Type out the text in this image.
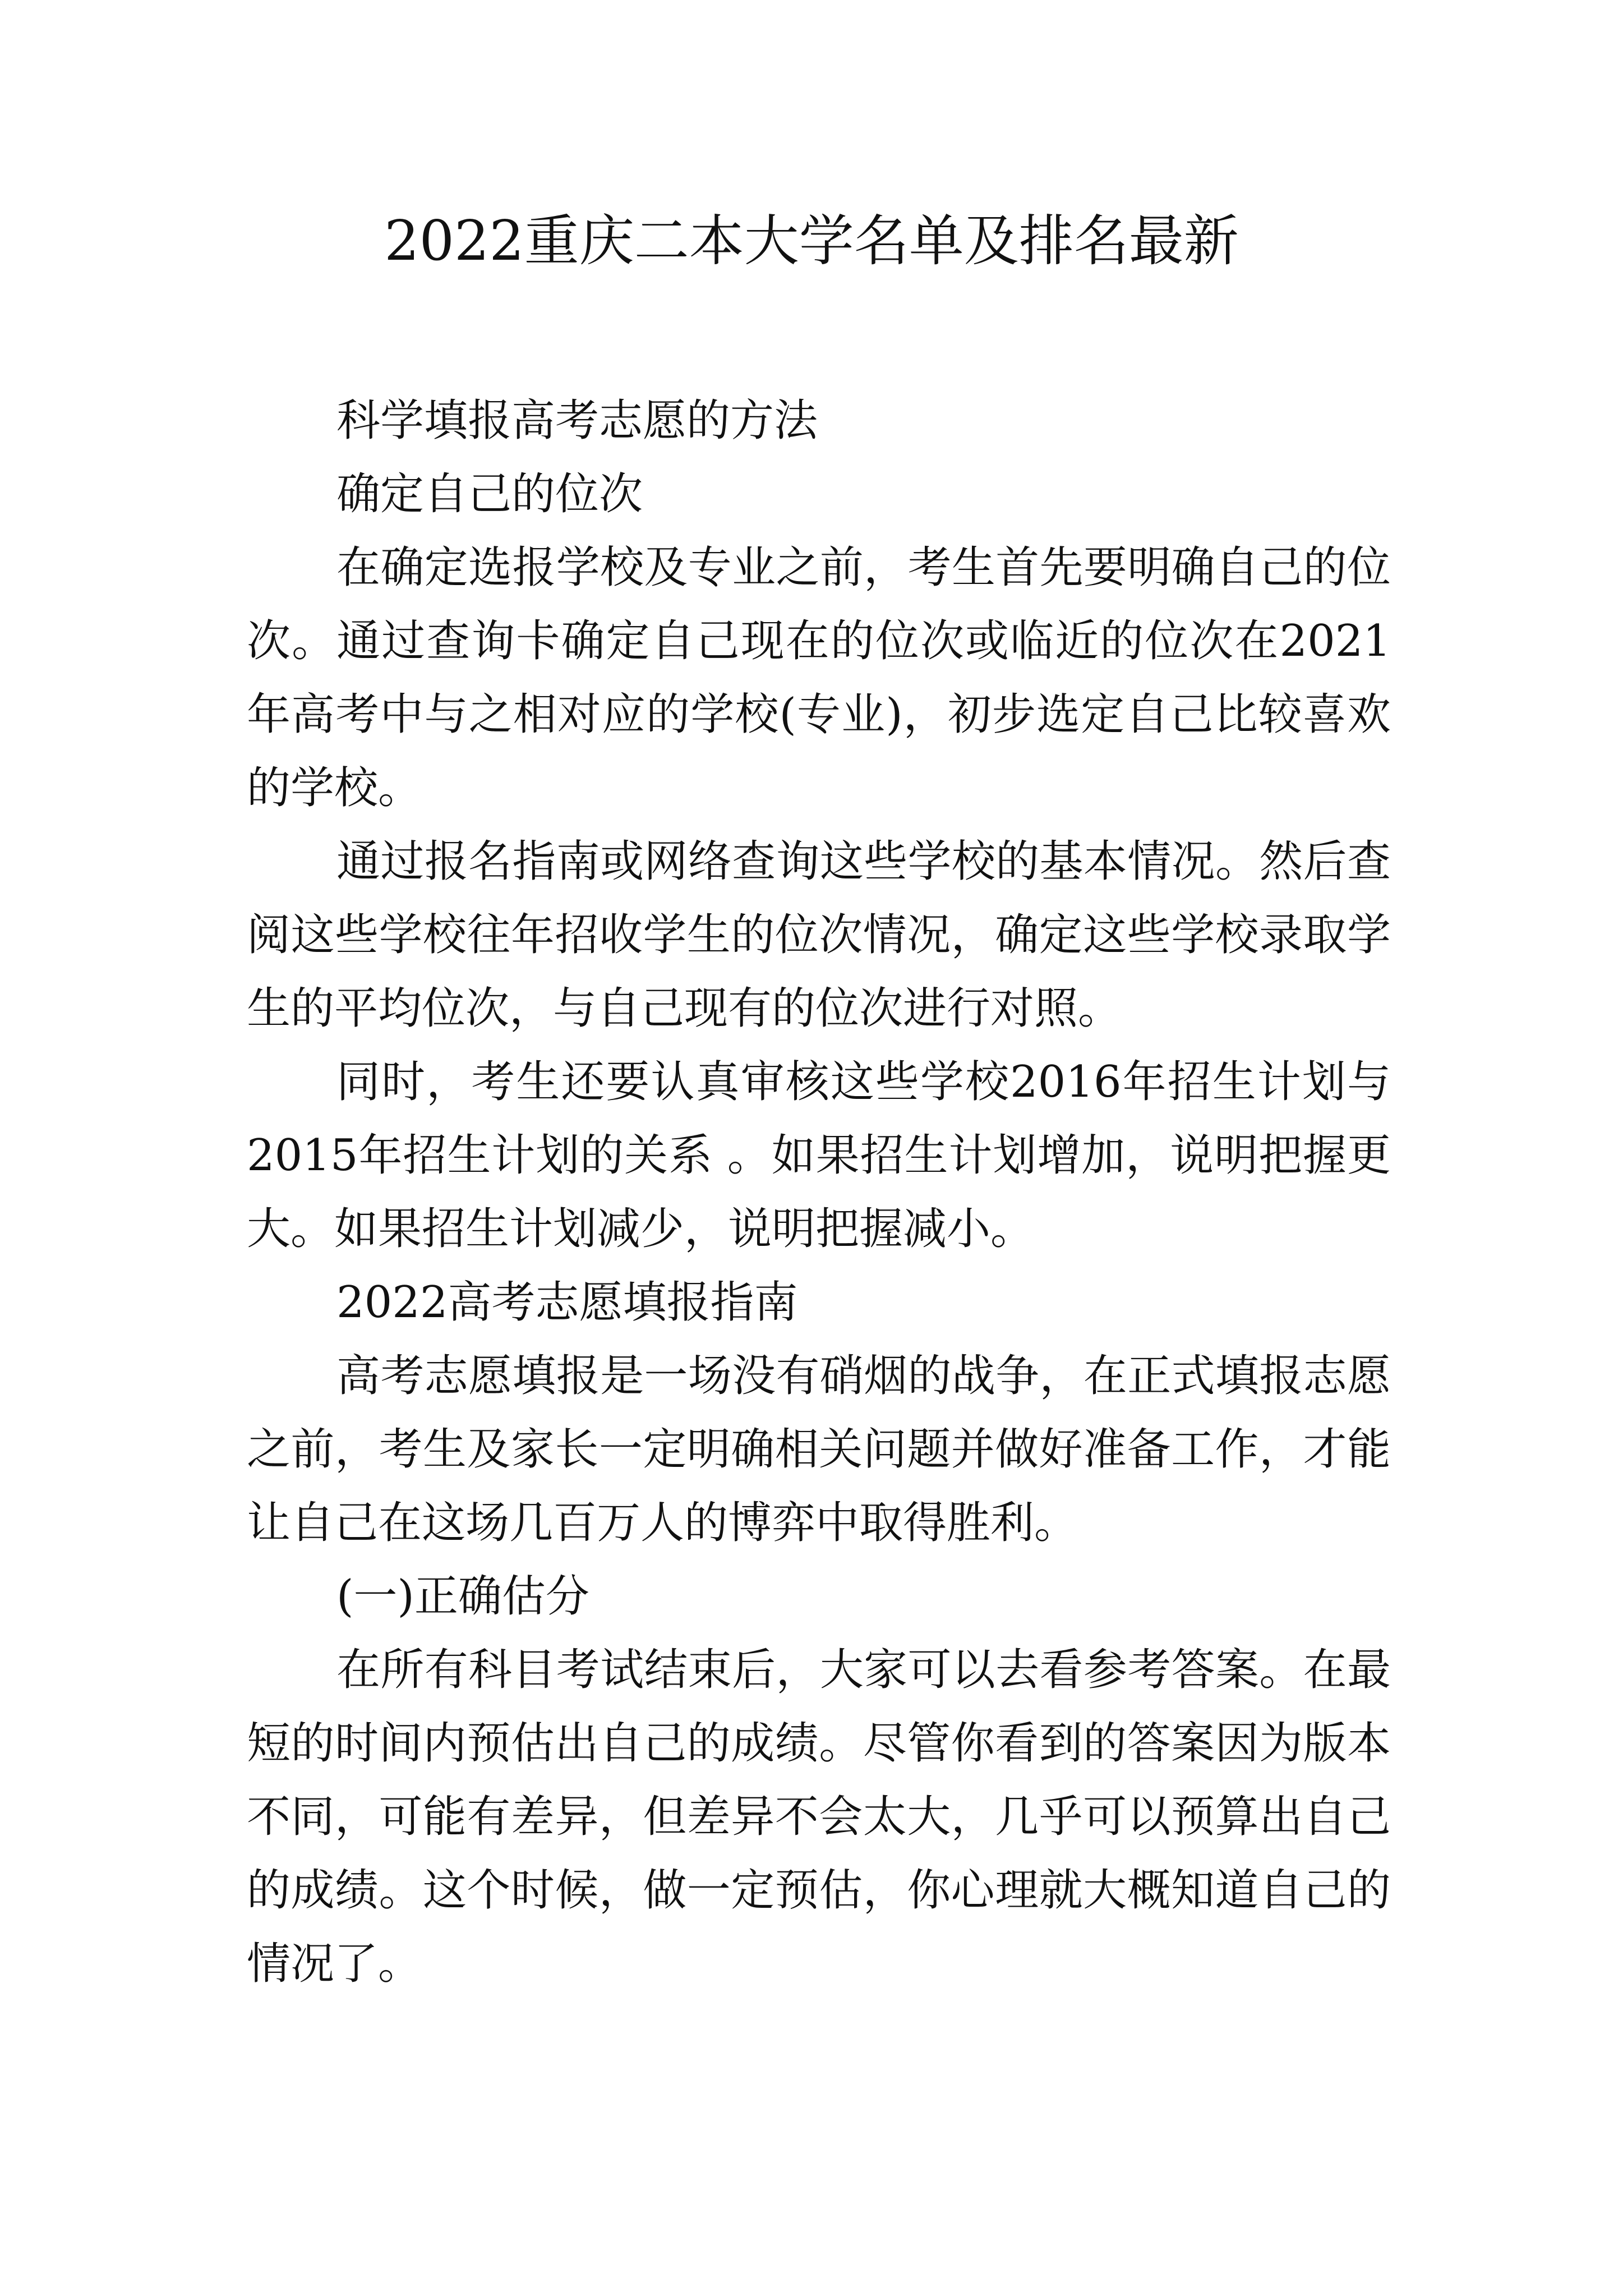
2022重庆二本大学名单及排名最新

科学填报高考志愿的方法

确定自己的位次

在确定选报学校及专业之前，考生首先要明确自己的位次。通过查询卡确定自己现在的位次或临近的位次在2021年高考中与之相对应的学校(专业)，初步选定自己比较喜欢的学校。

通过报名指南或网络查询这些学校的基本情况。然后查阅这些学校往年招收学生的位次情况，确定这些学校录取学生的平均位次，与自己现有的位次进行对照。

同时，考生还要认真审核这些学校2016年招生计划与2015年招生计划的关系 。如果招生计划增加，说明把握更大。如果招生计划减少，说明把握减小。

2022高考志愿填报指南

高考志愿填报是一场没有硝烟的战争，在正式填报志愿之前，考生及家长一定明确相关问题并做好准备工作，才能让自己在这场几百万人的博弈中取得胜利。

(一)正确估分

在所有科目考试结束后，大家可以去看参考答案。在最短的时间内预估出自己的成绩。尽管你看到的答案因为版本不同，可能有差异，但差异不会太大，几乎可以预算出自己的成绩。这个时候，做一定预估，你心理就大概知道自己的情况了。
